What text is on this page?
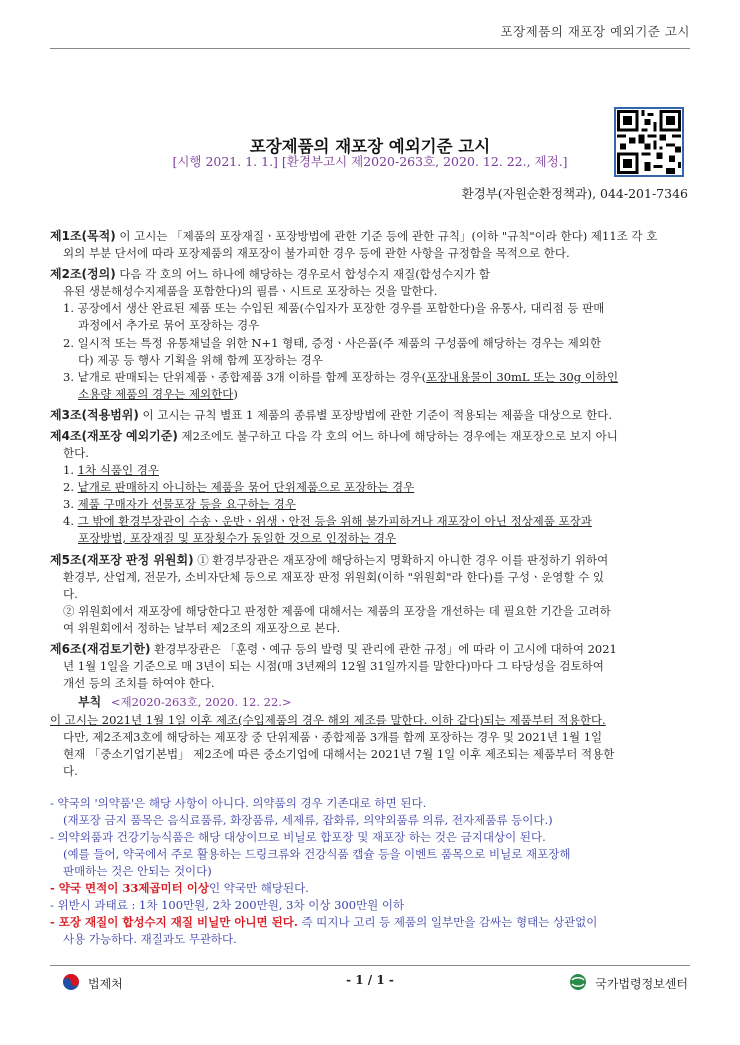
포장제품의 재포장 예외기준 고시
포장제품의 재포장 예외기준 고시
[시행 2021. 1. 1.] [환경부고시 제2020-263호, 2020. 12. 22., 제정.]
환경부(자원순환정책과), 044-201-7346

제1조(목적) 이 고시는 「제품의 포장재질ㆍ포장방법에 관한 기준 등에 관한 규칙」(이하 "규칙"이라 한다) 제11조 각 호

외의 부분 단서에 따라 포장제품의 재포장이 불가피한 경우 등에 관한 사항을 규정함을 목적으로 한다.

제2조(정의) 다음 각 호의 어느 하나에 해당하는 경우로서 합성수지 재질(합성수지가 함

유된 생분해성수지제품을 포함한다)의 필름ㆍ시트로 포장하는 것을 말한다.

1. 공장에서 생산 완료된 제품 또는 수입된 제품(수입자가 포장한 경우를 포함한다)을 유통사, 대리점 등 판매

과정에서 추가로 묶어 포장하는 경우

2. 일시적 또는 특정 유통채널을 위한 N+1 형태, 증정ㆍ사은품(주 제품의 구성품에 해당하는 경우는 제외한

다) 제공 등 행사 기획을 위해 함께 포장하는 경우

3. 낱개로 판매되는 단위제품ㆍ종합제품 3개 이하를 함께 포장하는 경우(포장내용물이 30mL 또는 30g 이하인

소용량 제품의 경우는 제외한다)

제3조(적용범위) 이 고시는 규칙 별표 1 제품의 종류별 포장방법에 관한 기준이 적용되는 제품을 대상으로 한다.

제4조(재포장 예외기준) 제2조에도 불구하고 다음 각 호의 어느 하나에 해당하는 경우에는 재포장으로 보지 아니

한다.

1. 1차 식품인 경우

2. 낱개로 판매하지 아니하는 제품을 묶어 단위제품으로 포장하는 경우

3. 제품 구매자가 선물포장 등을 요구하는 경우

4. 그 밖에 환경부장관이 수송ㆍ운반ㆍ위생ㆍ안전 등을 위해 불가피하거나 재포장이 아닌 정상제품 포장과

포장방법, 포장재질 및 포장횟수가 동일한 것으로 인정하는 경우

제5조(재포장 판정 위원회) ① 환경부장관은 재포장에 해당하는지 명확하지 아니한 경우 이를 판정하기 위하여

환경부, 산업계, 전문가, 소비자단체 등으로 재포장 판정 위원회(이하 "위원회"라 한다)를 구성ㆍ운영할 수 있

다.

② 위원회에서 재포장에 해당한다고 판정한 제품에 대해서는 제품의 포장을 개선하는 데 필요한 기간을 고려하

여 위원회에서 정하는 날부터 제2조의 재포장으로 본다.

제6조(재검토기한) 환경부장관은 「훈령ㆍ예규 등의 발령 및 관리에 관한 규정」에 따라 이 고시에 대하여 2021

년 1월 1일을 기준으로 매 3년이 되는 시점(매 3년째의 12월 31일까지를 말한다)마다 그 타당성을 검토하여

개선 등의 조치를 하여야 한다.

부칙 <제2020-263호, 2020. 12. 22.>

이 고시는 2021년 1월 1일 이후 제조(수입제품의 경우 해외 제조를 말한다. 이하 같다)되는 제품부터 적용한다.

다만, 제2조제3호에 해당하는 제포장 중 단위제품ㆍ종합제품 3개를 함께 포장하는 경우 및 2021년 1월 1일

현재 「중소기업기본법」 제2조에 따른 중소기업에 대해서는 2021년 7월 1일 이후 제조되는 제품부터 적용한

다.

- 약국의 '의약품'은 해당 사항이 아니다. 의약품의 경우 기존대로 하면 된다.

(재포장 금지 품목은 음식료품류, 화장품류, 세제류, 잡화류, 의약외품류 의류, 전자제품류 등이다.)

- 의약외품과 건강기능식품은 해당 대상이므로 비닐로 합포장 및 재포장 하는 것은 금지대상이 된다.

(예를 들어, 약국에서 주로 활용하는 드링크류와 건강식품 캡슐 등을 이벤트 품목으로 비닐로 재포장해

판매하는 것은 안되는 것이다)

- 약국 면적이 33제곱미터 이상인 약국만 해당된다.

- 위반시 과태료 : 1차 100만원, 2차 200만원, 3차 이상 300만원 이하

- 포장 재질이 합성수지 재질 비닐만 아니면 된다. 즉 띠지나 고리 등 제품의 일부만을 감싸는 형태는 상관없이

사용 가능하다. 재질과도 무관하다.

법제처	- 1 / 1 -	국가법령정보센터
